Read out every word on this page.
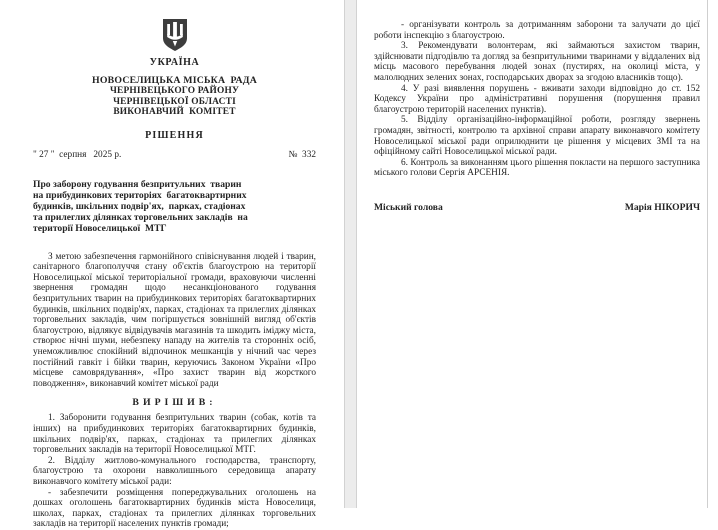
УКРАЇНА
НОВОСЕЛИЦЬКА МІСЬКА  РАДА
ЧЕРНІВЕЦЬКОГО РАЙОНУ
ЧЕРНІВЕЦЬКОЇ ОБЛАСТІ
ВИКОНАВЧИЙ  КОМІТЕТ
РІШЕННЯ
" 27 "  серпня   2025 р.	№  332
Про заборону годування безпритульних  тварин
на прибудинкових територіях  багатоквартирних
будинків, шкільних подвір'ях,  парках, стадіонах
та прилеглих ділянках торговельних закладів  на
території Новоселицької  МТГ

З метою забезпечення гармонійного співіснування людей і тварин, санітарного благополуччя стану об'єктів благоустрою на території Новоселицької міської територіальної громади, враховуючи численні звернення громадян щодо несанкціонованого годування безпритульних тварин на прибудинкових територіях багатоквартирних будинків, шкільних подвір'ях, парках, стадіонах та прилеглих ділянках торговельних закладів, чим погіршується зовнішній вигляд об'єктів благоустрою, відлякує відвідувачів магазинів та шкодить іміджу міста, створює нічні шуми, небезпеку нападу на жителів та сторонніх осіб, унеможливлює спокійний відпочинок мешканців у нічний час через постійний гавкіт і бійки тварин, керуючись Законом України «Про місцеве самоврядування», «Про захист тварин від жорсткого поводження», виконавчий комітет міської ради

ВИРІШИВ:

1. Заборонити годування безпритульних тварин (собак, котів та інших) на прибудинкових територіях багатоквартирних будинків, шкільних подвір'ях, парках, стадіонах та прилеглих ділянках торговельних закладів на території Новоселицької МТГ.

2. Відділу житлово-комунального господарства, транспорту, благоустрою та охорони навколишнього середовища апарату виконавчого комітету міської ради:

- забезпечити розміщення попереджувальних оголошень на дошках оголошень багатоквартирних будинків міста Новоселиця, школах, парках, стадіонах та прилеглих ділянках торговельних закладів на території населених пунктів громади;

- організувати контроль за дотриманням заборони та залучати до цієї роботи інспекцію з благоустрою.

3. Рекомендувати волонтерам, які займаються захистом тварин, здійснювати підгодівлю та догляд за безпритульними тваринами у віддалених від місць масового перебування людей зонах (пустирях, на околиці міста, у малолюдних зелених зонах, господарських дворах за згодою власників тощо).

4. У разі виявлення порушень - вживати заходи відповідно до ст. 152 Кодексу України про адміністративні порушення (порушення правил благоустрою територій населених пунктів).

5. Відділу організаційно-інформаційної роботи, розгляду звернень громадян, звітності, контролю та архівної справи апарату виконавчого комітету Новоселицької міської ради оприлюднити це рішення у місцевих ЗМІ та на офіційному сайті Новоселицької міської ради.

6. Контроль за виконанням цього рішення покласти на першого заступника міського голови Сергія АРСЕНІЯ.

Міський голова	Марія НІКОРИЧ
